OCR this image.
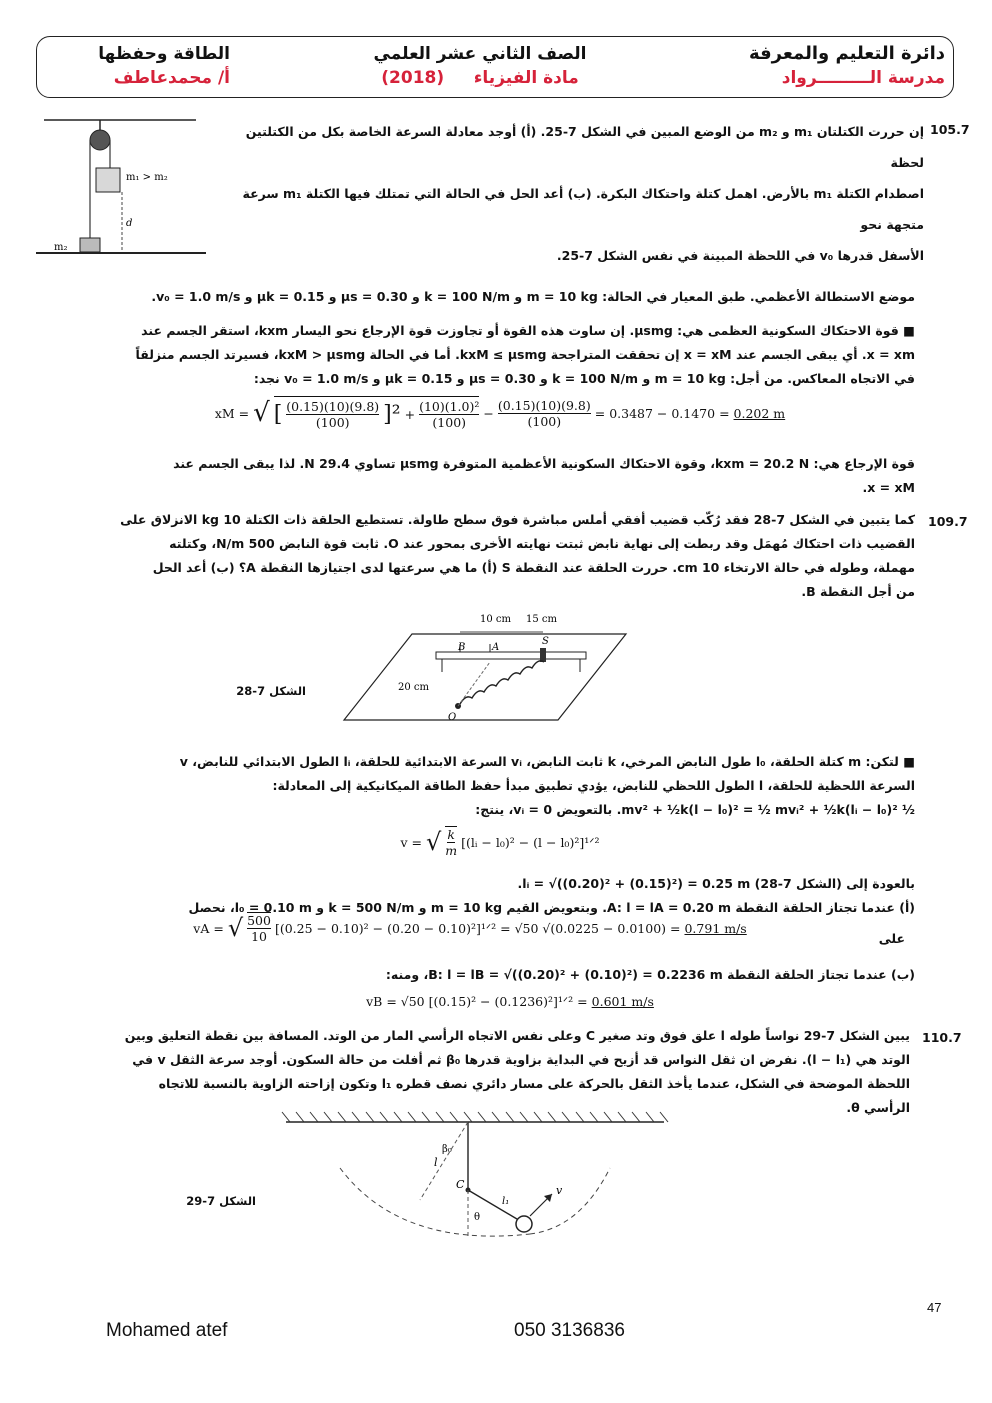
الطاقة وحفظها
أ/ محمدعاطف
الصف الثاني عشر العلمي
مادة الفيزياء     (2018)
دائرة التعليم والمعرفة
مدرسة الـــــــــرواد
105.7
إن حررت الكتلتان m₁ و m₂ من الوضع المبين في الشكل 7-25. (أ) أوجد معادلة السرعة الخاصة بكل من الكتلتين لحظة
اصطدام الكتلة m₁ بالأرض. اهمل كتلة واحتكاك البكرة. (ب) أعد الحل في الحالة التي تمتلك فيها الكتلة m₁ سرعة متجهة نحو
الأسفل قدرها v₀ في اللحظة المبينة في نفس الشكل 7-25.
m₁ > m₂
d
m₂
موضع الاستطالة الأعظمي. طبق المعيار في الحالة: m = 10 kg و k = 100 N/m و μs = 0.30 و μk = 0.15 و v₀ = 1.0 m/s.
■ قوة الاحتكاك السكونية العظمى هي: μsmg. إن ساوت هذه القوة أو تجاوزت قوة الإرجاع نحو اليسار kxm، استقر الجسم عند
x = xm. أي يبقى الجسم عند x = xM إن تحققت المتراجحة kxM ≤ μsmg. أما في الحالة kxM > μsmg، فسيرتد الجسم منزلقاً
في الاتجاه المعاكس. من أجل: m = 10 kg و k = 100 N/m و μs = 0.30 و μk = 0.15 و v₀ = 1.0 m/s نجد:
xM = √ [ $\frac{(0.15)(10)(9.8)}{(100)} ]^2 + \frac{\text{(10)(1.0)²}}{(100)} - \frac{(0.15)(10)(9.8)}{(100)} = 0.3487 - 0.1470 = 0.202$ m
قوة الإرجاع هي: kxm = 20.2 N، وقوة الاحتكاك السكونية الأعظمية المتوفرة μsmg تساوي 29.4 N. لذا يبقى الجسم عند
x = xM.
109.7
كما يتبين في الشكل 7-28 فقد رُكّب قضيب أفقي أملس مباشرة فوق سطح طاولة. تستطيع الحلقة ذات الكتلة 10 kg الانزلاق على
القضيب ذات احتكاك مُهمَل وقد ربطت إلى نهاية نابض ثبتت نهايته الأخرى بمحور عند O. ثابت قوة النابض 500 N/m، وكتلته
مهملة، وطوله في حالة الارتخاء 10 cm. حررت الحلقة عند النقطة S (أ) ما هي سرعتها لدى اجتيازها النقطة A؟ (ب) أعد الحل
من أجل النقطة B.
10 cm 15 cm
B	A
S
20 cm
O
الشكل 7-28
■ لتكن: m كتلة الحلقة، l₀ طول النابض المرخي، k ثابت النابض، vᵢ السرعة الابتدائية للحلقة، lᵢ الطول الابتدائي للنابض، v
السرعة اللحظية للحلقة، l الطول اللحظي للنابض، يؤدي تطبيق مبدأ حفظ الطاقة الميكانيكية إلى المعادلة:
½ mv² + ½k(l − l₀)² = ½ mvᵢ² + ½k(lᵢ − l₀)². بالتعويض vᵢ = 0، ينتج:
v = √ k
m
[(lᵢ − l₀)² − (l − l₀)²]¹ᐟ²
بالعودة إلى (الشكل 7-28) lᵢ = √((0.20)² + (0.15)²) = 0.25 m.
(أ) عندما تجتاز الحلقة النقطة A: l = lA = 0.20 m. وبتعويض القيم m = 10 kg و k = 500 N/m و l₀ = 0.10 m، نحصل
على
vA = √ $\frac{500}{10} [(0.25 - 0.10)^2 - (0.20$ − 0.10)²]¹ᐟ² = √50 √(0.0225 − 0.0100) = 0.791 m/s
(ب) عندما تجتاز الحلقة النقطة B: l = lB = √((0.20)² + (0.10)²) = 0.2236 m، ومنه:
vB = √50 [(0.15)² − (0.1236)²]¹ᐟ² = 0.601 m/s
110.7
يبين الشكل 7-29 نواساً طوله l علق فوق وتد صغير C وعلى نفس الاتجاه الرأسي المار من الوتد. المسافة بين نقطة التعليق وبين
الوتد هي (l − l₁). نفرض ان ثقل النواس قد أزيح في البداية بزاوية قدرها β₀ ثم أفلت من حالة السكون. أوجد سرعة الثقل v في
اللحظة الموضحة في الشكل، عندما يأخذ الثقل بالحركة على مسار دائري نصف قطره l₁ وتكون إزاحته الزاوية بالنسبة للاتجاه
الرأسي θ.
l
β₀
C
l₁
θ
v
الشكل 7-29
47
Mohamed atef	050 3136836
